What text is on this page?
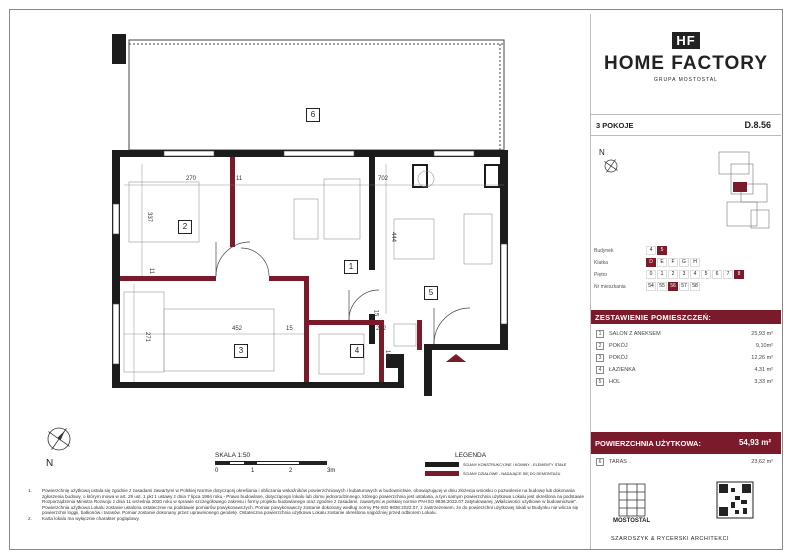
6
2
1
5
3	4
270	11	702
337
444
11
452	15
15
292
271
160
N
SKALA 1:50
0	1	2	3m
LEGENDA
ŚCIANY KONSTRUKCYJNE I KOMINY - ELEMENTY STAŁE
ŚCIANY DZIAŁOWE - NADAJĄCE SIĘ DO DEMONTAŻU
1. Powierzchnię użytkową ustala się zgodnie z zasadami zawartymi w Polskiej Normie dotyczącej określania i obliczania wskaźników powierzchniowych i kubaturowych w budownictwie, obowiązującej w dniu złożenia wniosku o pozwolenie na budowę lub dokonania zgłoszenia budowy, o którym mowa w art. 29 ust. 1 pkt 1 ustawy z dnia 7 lipca 1994 roku - Prawo budowlane, dotyczącego lokalu lub domu jednorodzinnego, którego powierzchnia jest ustalana, a tym samym powierzchnia użytkowa Lokalu jest określona na podstawie Rozporządzenia Ministra Rozwoju z dnia 11 września 2020 roku w sprawie szczegółowego zakresu i formy projektu budowlanego oraz zgodnie z zasadami, zawartymi w polskiej normie PN-ISO 9836:2022.07 zatytułowanej „Właściwości użytkowe w budownictwie”. Powierzchnia użytkowa Lokalu zostanie ustalona ostatecznie na podstawie pomiarów powykonawczych. Pomiar powykonawczy zostanie dokonany według normy PN-ISO 9836:2022.07, z zastrzeżeniem, że do powierzchni użytkowej lokali w Budynku nie wlicza się powierzchni loggii, balkonów i tarasów. Pomiar zostanie dokonany przez uprawnionego geodetę. Ostateczna powierzchnia użytkowa Lokalu zostanie określona najpóźniej przed odbiorem Lokalu.
2. Karta lokalu ma wyłącznie charakter poglądowy.
HF
HOME FACTORY
GRUPA MOSTOSTAL
3 POKOJE	D.8.56
N
Budynek	4	5
Klatka	D	E	F	G	H
Piętro	0	1	2	3	4	5	6	7	8
Nr mieszkania	54	55	56	57	58
ZESTAWIENIE POMIESZCZEŃ:
1	SALON Z ANEKSEM	25,93 m²
2	POKÓJ	9,10m²
3	POKÓJ	12,26 m²
4	ŁAZIENKA	4,31 m²
5	HOL	3,33 m²
POWIERZCHNIA UŻYTKOWA:	54,93 m²
6	TARAS	23,62 m²
MOSTOSTAL
SZAROSZYK & RYCERSKI ARCHITEKCI
